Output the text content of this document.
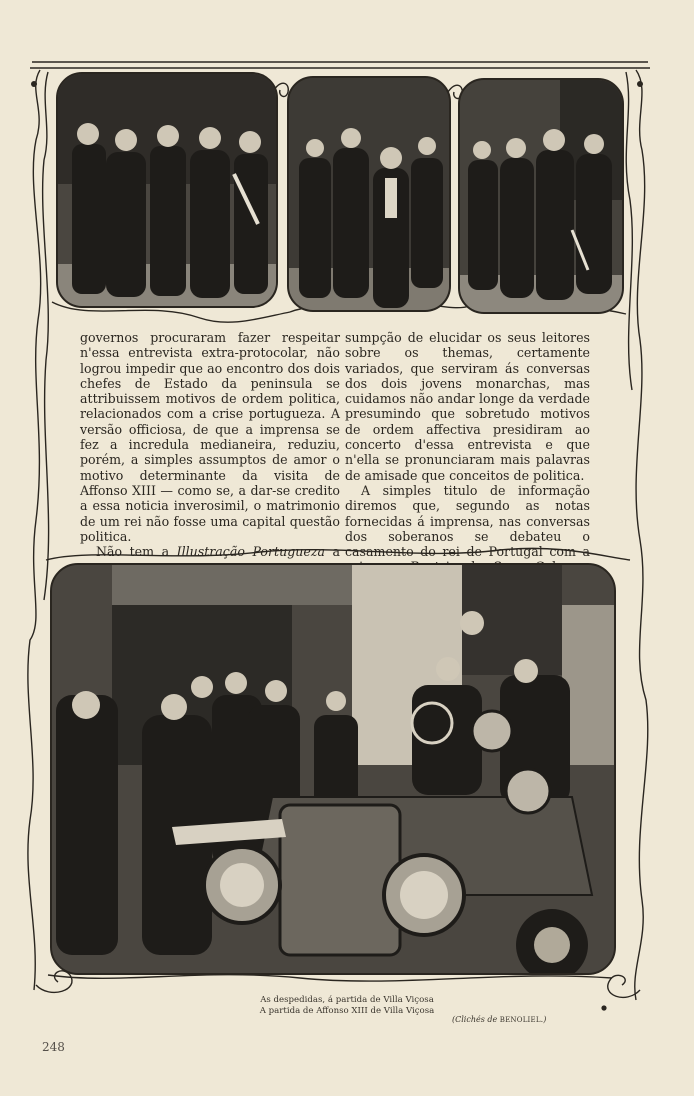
governos procuraram fazer respeitar n'essa entrevista extra-protocolar, não logrou impedir que ao encontro dos dois chefes de Estado da peninsula se attribuissem motivos de ordem politica, relacionados com a crise portugueza. A versão officiosa, de que a imprensa se fez a incredula medianeira, reduziu, porém, a simples assumptos de amor o motivo determinante da visita de Affonso XIII — como se, a dar-se credito a essa noticia inverosimil, o matrimonio de um rei não fosse uma capital questão politica.

Não tem a Illustração Portugueza a

sumpção de elucidar os seus leitores sobre os themas, certamente variados, que serviram ás conversas dos dois jovens monarchas, mas cuidamos não andar longe da verdade presumindo que sobretudo motivos de ordem affectiva presidiram ao concerto d'essa entrevista e que n'ella se pronunciaram mais palavras de amisade que conceitos de politica.

A simples titulo de informação diremos que, segundo as notas fornecidas á imprensa, nas conversas dos soberanos se debateu o casamento do rei de Portugal com a

As despedidas, á partida de Villa Viçosa
A partida de Affonso XIII de Villa Viçosa
(Clichés de BENOLIEL.)
248
